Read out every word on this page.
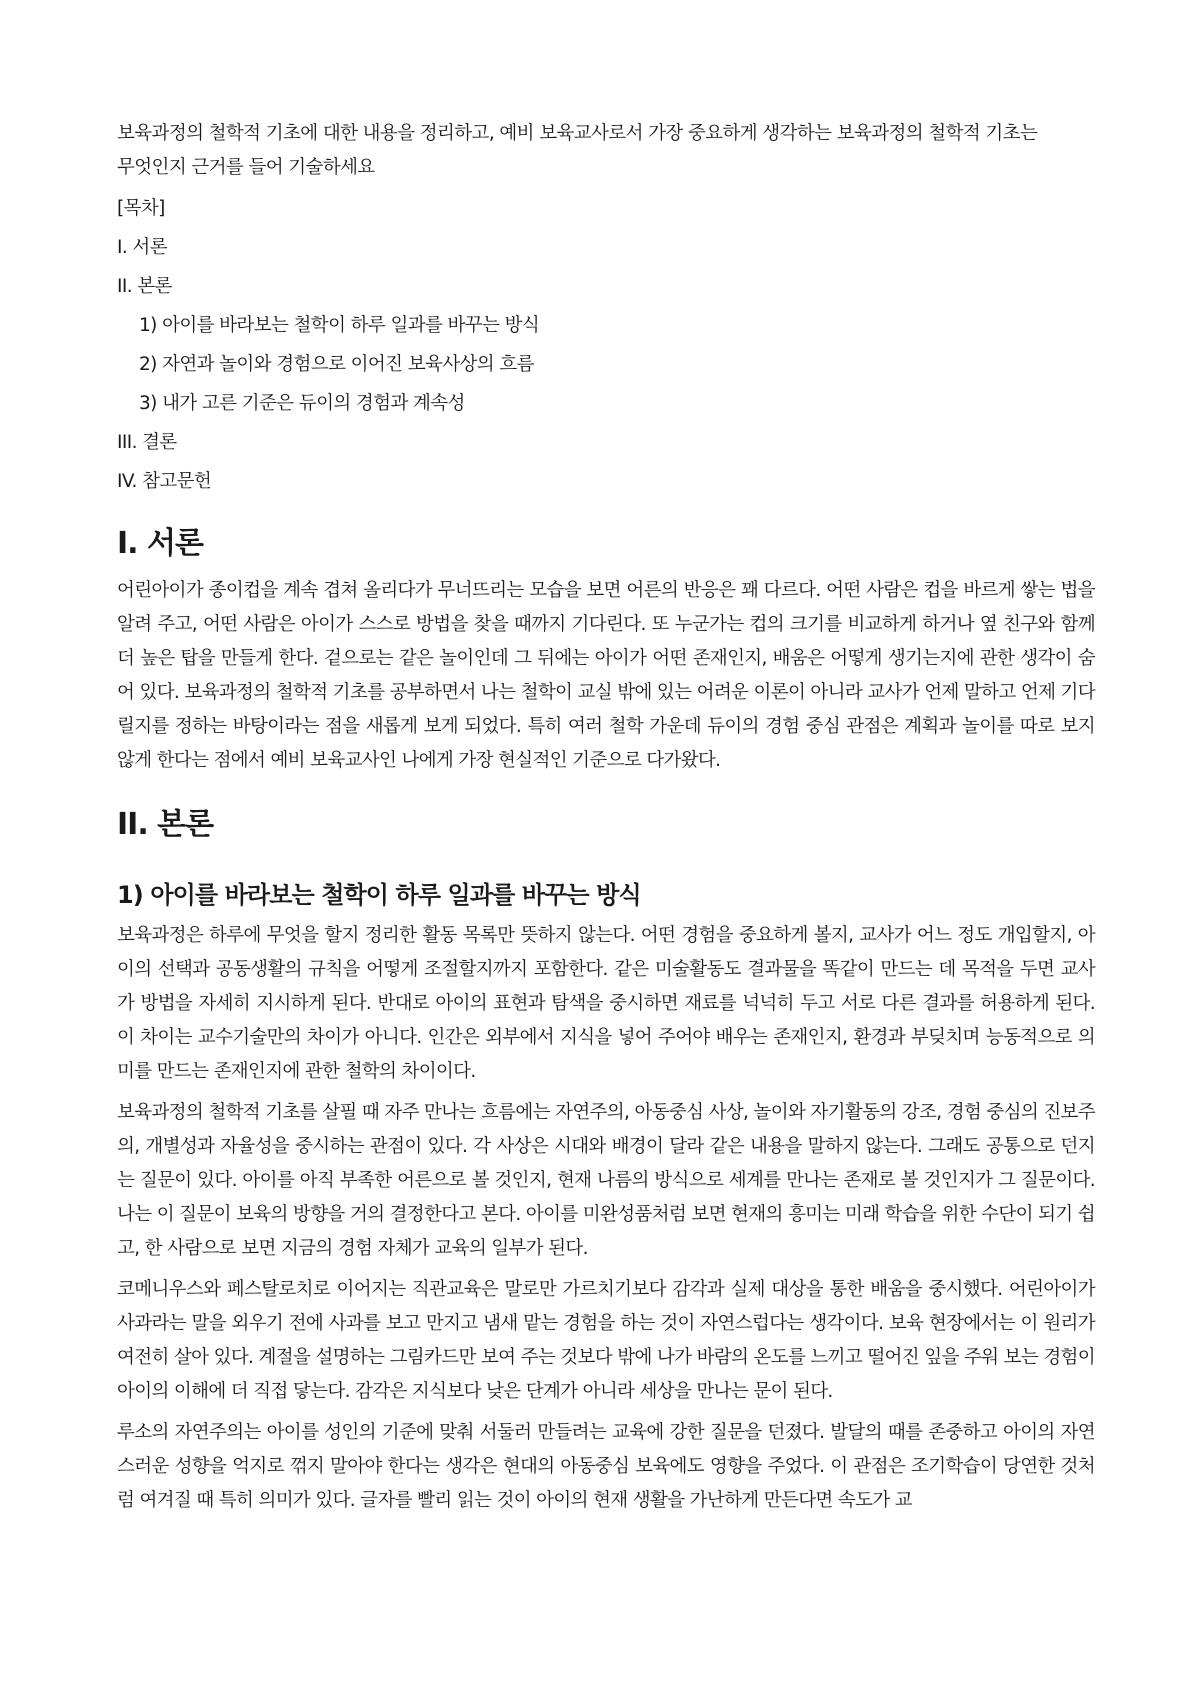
보육과정의 철학적 기초에 대한 내용을 정리하고, 예비 보육교사로서 가장 중요하게 생각하는 보육과정의 철학적 기초는 무엇인지 근거를 들어 기술하세요

[목차]
I. 서론
II. 본론
1) 아이를 바라보는 철학이 하루 일과를 바꾸는 방식
2) 자연과 놀이와 경험으로 이어진 보육사상의 흐름
3) 내가 고른 기준은 듀이의 경험과 계속성
III. 결론
IV. 참고문헌
I. 서론

어린아이가 종이컵을 계속 겹쳐 올리다가 무너뜨리는 모습을 보면 어른의 반응은 꽤 다르다. 어떤 사람은 컵을 바르게 쌓는 법을 알려 주고, 어떤 사람은 아이가 스스로 방법을 찾을 때까지 기다린다. 또 누군가는 컵의 크기를 비교하게 하거나 옆 친구와 함께 더 높은 탑을 만들게 한다. 겉으로는 같은 놀이인데 그 뒤에는 아이가 어떤 존재인지, 배움은 어떻게 생기는지에 관한 생각이 숨어 있다. 보육과정의 철학적 기초를 공부하면서 나는 철학이 교실 밖에 있는 어려운 이론이 아니라 교사가 언제 말하고 언제 기다릴지를 정하는 바탕이라는 점을 새롭게 보게 되었다. 특히 여러 철학 가운데 듀이의 경험 중심 관점은 계획과 놀이를 따로 보지 않게 한다는 점에서 예비 보육교사인 나에게 가장 현실적인 기준으로 다가왔다.

II. 본론
1) 아이를 바라보는 철학이 하루 일과를 바꾸는 방식

보육과정은 하루에 무엇을 할지 정리한 활동 목록만 뜻하지 않는다. 어떤 경험을 중요하게 볼지, 교사가 어느 정도 개입할지, 아이의 선택과 공동생활의 규칙을 어떻게 조절할지까지 포함한다. 같은 미술활동도 결과물을 똑같이 만드는 데 목적을 두면 교사가 방법을 자세히 지시하게 된다. 반대로 아이의 표현과 탐색을 중시하면 재료를 넉넉히 두고 서로 다른 결과를 허용하게 된다. 이 차이는 교수기술만의 차이가 아니다. 인간은 외부에서 지식을 넣어 주어야 배우는 존재인지, 환경과 부딪치며 능동적으로 의미를 만드는 존재인지에 관한 철학의 차이이다.

보육과정의 철학적 기초를 살필 때 자주 만나는 흐름에는 자연주의, 아동중심 사상, 놀이와 자기활동의 강조, 경험 중심의 진보주의, 개별성과 자율성을 중시하는 관점이 있다. 각 사상은 시대와 배경이 달라 같은 내용을 말하지 않는다. 그래도 공통으로 던지는 질문이 있다. 아이를 아직 부족한 어른으로 볼 것인지, 현재 나름의 방식으로 세계를 만나는 존재로 볼 것인지가 그 질문이다. 나는 이 질문이 보육의 방향을 거의 결정한다고 본다. 아이를 미완성품처럼 보면 현재의 흥미는 미래 학습을 위한 수단이 되기 쉽고, 한 사람으로 보면 지금의 경험 자체가 교육의 일부가 된다.

코메니우스와 페스탈로치로 이어지는 직관교육은 말로만 가르치기보다 감각과 실제 대상을 통한 배움을 중시했다. 어린아이가 사과라는 말을 외우기 전에 사과를 보고 만지고 냄새 맡는 경험을 하는 것이 자연스럽다는 생각이다. 보육 현장에서는 이 원리가 여전히 살아 있다. 계절을 설명하는 그림카드만 보여 주는 것보다 밖에 나가 바람의 온도를 느끼고 떨어진 잎을 주워 보는 경험이 아이의 이해에 더 직접 닿는다. 감각은 지식보다 낮은 단계가 아니라 세상을 만나는 문이 된다.

루소의 자연주의는 아이를 성인의 기준에 맞춰 서둘러 만들려는 교육에 강한 질문을 던졌다. 발달의 때를 존중하고 아이의 자연스러운 성향을 억지로 꺾지 말아야 한다는 생각은 현대의 아동중심 보육에도 영향을 주었다. 이 관점은 조기학습이 당연한 것처럼 여겨질 때 특히 의미가 있다. 글자를 빨리 읽는 것이 아이의 현재 생활을 가난하게 만든다면 속도가 교
